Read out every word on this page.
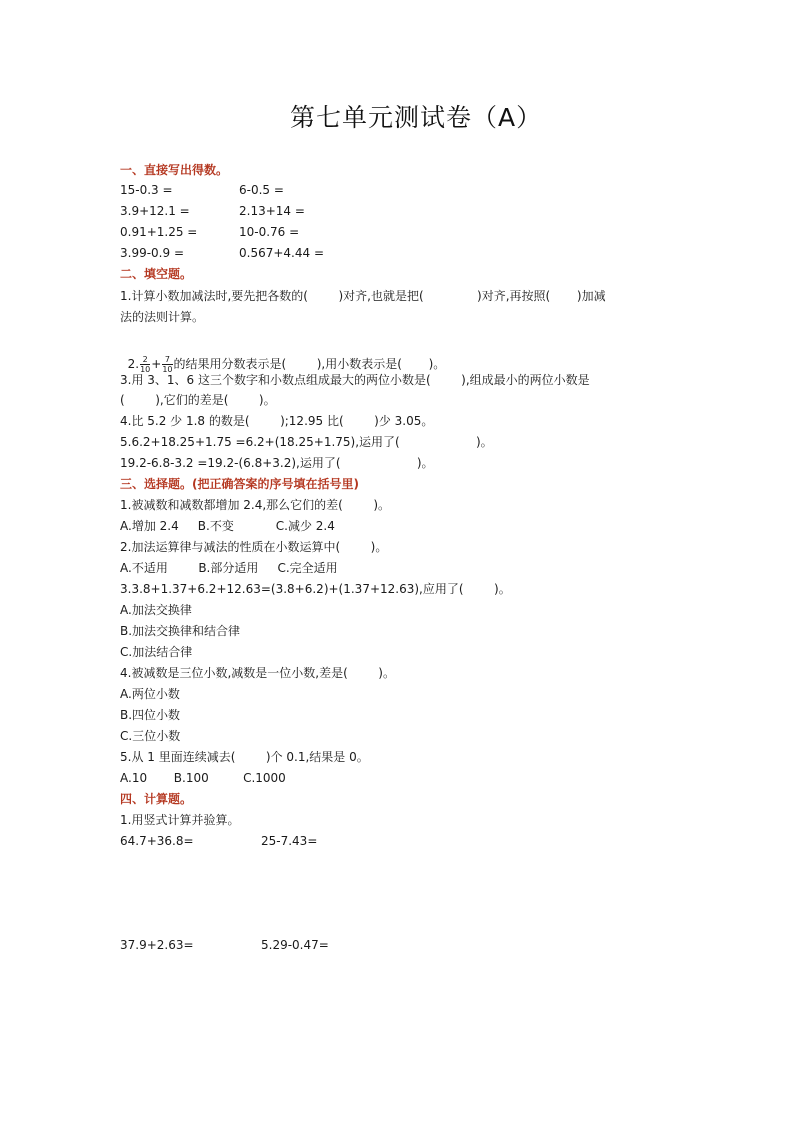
第七单元测试卷（A）
一、直接写出得数。
15-0.3 =	6-0.5 =
3.9+12.1 =	2.13+14 =
0.91+1.25 =	10-0.76 =
3.99-0.9 =	0.567+4.44 =
二、填空题。
1.计算小数加减法时,要先把各数的(        )对齐,也就是把(              )对齐,再按照(       )加减
法的法则计算。

2. $\frac{2}{10} + \frac{7}{10}$ 的结果用分数表示是(        ),用小数表示是(       )。

3.用 3、1、6 这三个数字和小数点组成最大的两位小数是(        ),组成最小的两位小数是
(        ),它们的差是(        )。
4.比 5.2 少 1.8 的数是(        );12.95 比(        )少 3.05。
5.6.2+18.25+1.75 =6.2+(18.25+1.75),运用了(                    )。
19.2-6.8-3.2 =19.2-(6.8+3.2),运用了(                    )。
三、选择题。(把正确答案的序号填在括号里)
1.被减数和减数都增加 2.4,那么它们的差(        )。
A.增加 2.4     B.不变           C.减少 2.4
2.加法运算律与减法的性质在小数运算中(        )。
A.不适用        B.部分适用     C.完全适用
3.3.8+1.37+6.2+12.63=(3.8+6.2)+(1.37+12.63),应用了(        )。
A.加法交换律
B.加法交换律和结合律
C.加法结合律
4.被减数是三位小数,减数是一位小数,差是(        )。
A.两位小数
B.四位小数
C.三位小数
5.从 1 里面连续减去(        )个 0.1,结果是 0。
A.10       B.100         C.1000
四、计算题。
1.用竖式计算并验算。
64.7+36.8=	25-7.43=
37.9+2.63=	5.29-0.47=
